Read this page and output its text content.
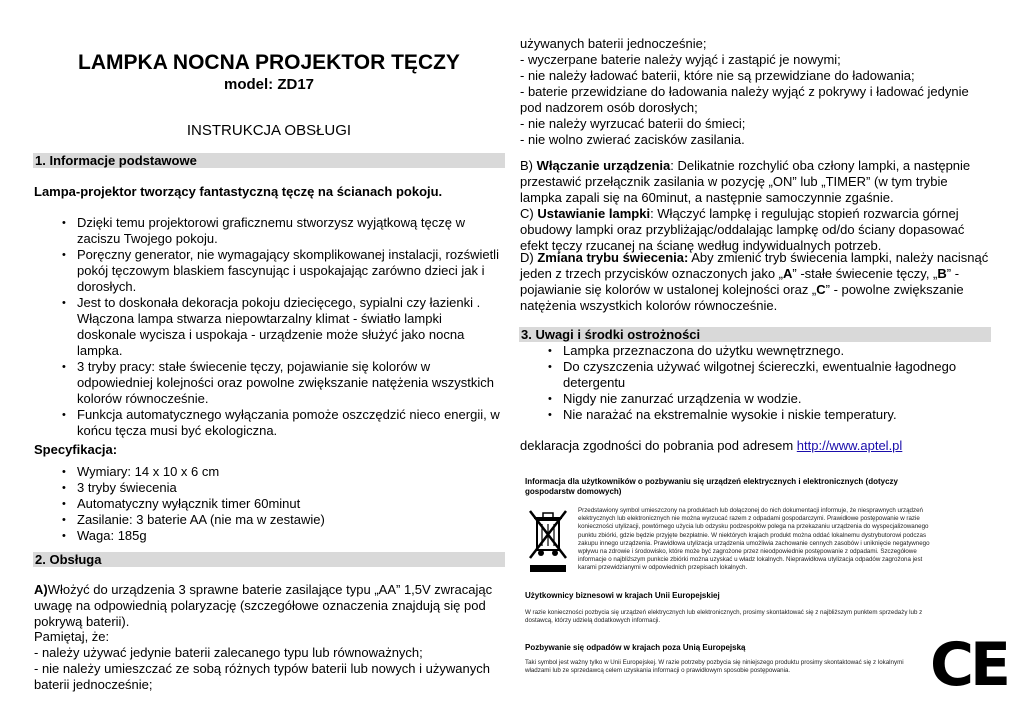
LAMPKA NOCNA PROJEKTOR TĘCZY
model: ZD17
INSTRUKCJA OBSŁUGI
1. Informacje podstawowe
Lampa-projektor tworzący fantastyczną tęczę na ścianach pokoju.
• Dzięki temu projektorowi graficznemu stworzysz wyjątkową tęczę w zaciszu Twojego pokoju.
• Poręczny generator, nie wymagający skomplikowanej instalacji, rozświetli pokój tęczowym blaskiem fascynując i uspokajając zarówno dzieci jak i dorosłych.
• Jest to doskonała dekoracja pokoju dziecięcego, sypialni czy łazienki . Włączona lampa stwarza niepowtarzalny klimat - światło lampki doskonale wycisza i uspokaja - urządzenie może służyć jako nocna lampka.
• 3 tryby pracy: stałe świecenie tęczy, pojawianie się kolorów w odpowiedniej kolejności oraz powolne zwiększanie natężenia wszystkich kolorów równocześnie.
• Funkcja automatycznego wyłączania pomoże oszczędzić nieco energii, w końcu tęcza musi być ekologiczna.
Specyfikacja:
• Wymiary: 14 x 10 x 6 cm
• 3 tryby świecenia
• Automatyczny wyłącznik timer 60minut
• Zasilanie: 3 baterie AA (nie ma w zestawie)
• Waga: 185g
2. Obsługa
A)Włożyć do urządzenia 3 sprawne baterie zasilające typu „AA” 1,5V zwracając uwagę na odpowiednią polaryzację (szczegółowe oznaczenia znajdują się pod pokrywą baterii).
Pamiętaj, że:
- należy używać jedynie baterii zalecanego typu lub równoważnych;
- nie należy umieszczać ze sobą różnych typów baterii lub nowych i używanych baterii jednocześnie;
używanych baterii jednocześnie;
- wyczerpane baterie należy wyjąć i zastąpić je nowymi;
- nie należy ładować baterii, które nie są przewidziane do ładowania;
- baterie przewidziane do ładowania należy wyjąć z pokrywy i ładować jedynie pod nadzorem osób dorosłych;
- nie należy wyrzucać baterii do śmieci;
- nie wolno zwierać zacisków zasilania.
B) Włączanie urządzenia: Delikatnie rozchylić oba człony lampki, a następnie przestawić przełącznik zasilania w pozycję „ON” lub „TIMER” (w tym trybie lampka zapali się na 60minut, a następnie samoczynnie zgaśnie.
C) Ustawianie lampki: Włączyć lampkę i regulując stopień rozwarcia górnej obudowy lampki oraz przybliżając/oddalając lampkę od/do ściany dopasować efekt tęczy rzucanej na ścianę według indywidualnych potrzeb.
D) Zmiana trybu świecenia: Aby zmienić tryb świecenia lampki, należy nacisnąć jeden z trzech przycisków oznaczonych jako „A” -stałe świecenie tęczy, „B” - pojawianie się kolorów w ustalonej kolejności oraz „C” - powolne zwiększanie natężenia wszystkich kolorów równocześnie.
3. Uwagi i środki ostrożności
• Lampka przeznaczona do użytku wewnętrznego.
• Do czyszczenia używać wilgotnej ściereczki, ewentualnie łagodnego detergentu
• Nigdy nie zanurzać urządzenia w wodzie.
• Nie narażać na ekstremalnie wysokie i niskie temperatury.
deklaracja zgodności do pobrania pod adresem http://www.aptel.pl
Informacja dla użytkowników o pozbywaniu się urządzeń elektrycznych i elektronicznych (dotyczy gospodarstw domowych)
Przedstawiony symbol umieszczony na produktach lub dołączonej do nich dokumentacji informuje, że niesprawnych urządzeń elektrycznych lub elektronicznych nie można wyrzucać razem z odpadami gospodarczymi. Prawidłowe postępowanie w razie konieczności utylizacji, powtórnego użycia lub odzysku podzespołów polega na przekazaniu urządzenia do wyspecjalizowanego punktu zbiórki, gdzie będzie przyjęte bezpłatnie. W niektórych krajach produkt można oddać lokalnemu dystrybutorowi podczas zakupu innego urządzenia. Prawidłowa utylizacja urządzenia umożliwia zachowanie cennych zasobów i uniknięcie negatywnego wpływu na zdrowie i środowisko, które może być zagrożone przez nieodpowiednie postępowanie z odpadami. Szczegółowe informacje o najbliższym punkcie zbiórki można uzyskać u władz lokalnych. Nieprawidłowa utylizacja odpadów zagrożona jest karami przewidzianymi w odpowiednich przepisach lokalnych.
Użytkownicy biznesowi w krajach Unii Europejskiej
W razie konieczności pozbycia się urządzeń elektrycznych lub elektronicznych, prosimy skontaktować się z najbliższym punktem sprzedaży lub z dostawcą, którzy udzielą dodatkowych informacji.
Pozbywanie się odpadów w krajach poza Unią Europejską
Taki symbol jest ważny tylko w Unii Europejskej. W razie potrzeby pozbycia się niniejszego produktu prosimy skontaktować się z lokalnymi władzami lub ze sprzedawcą celem uzyskania informacji o prawidłowym sposobie postępowania.	CE
